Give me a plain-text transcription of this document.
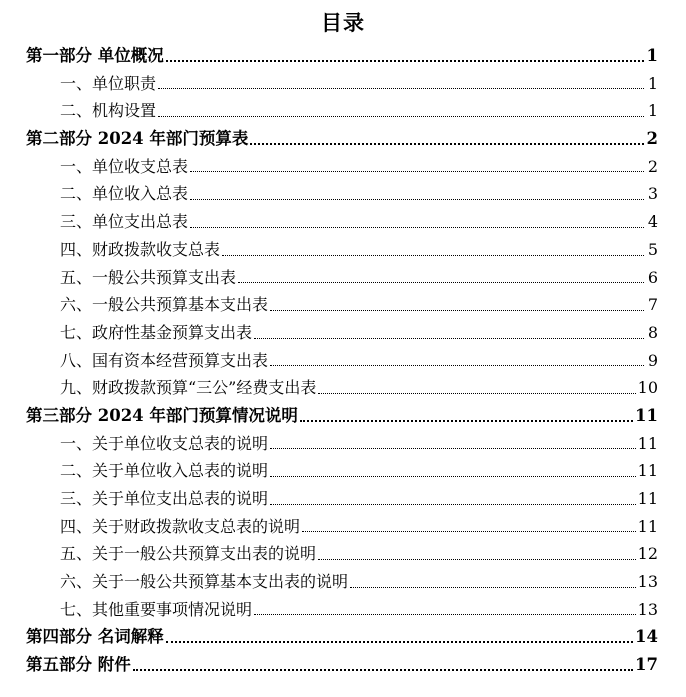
目录
第一部分 单位概况	1
一、单位职责	1
二、机构设置	1
第二部分 2024 年部门预算表	2
一、单位收支总表	2
二、单位收入总表	3
三、单位支出总表	4
四、财政拨款收支总表	5
五、一般公共预算支出表	6
六、一般公共预算基本支出表	7
七、政府性基金预算支出表	8
八、国有资本经营预算支出表	9
九、财政拨款预算“三公”经费支出表	10
第三部分 2024 年部门预算情况说明	11
一、关于单位收支总表的说明	11
二、关于单位收入总表的说明	11
三、关于单位支出总表的说明	11
四、关于财政拨款收支总表的说明	11
五、关于一般公共预算支出表的说明	12
六、关于一般公共预算基本支出表的说明	13
七、其他重要事项情况说明	13
第四部分 名词解释	14
第五部分 附件	17
